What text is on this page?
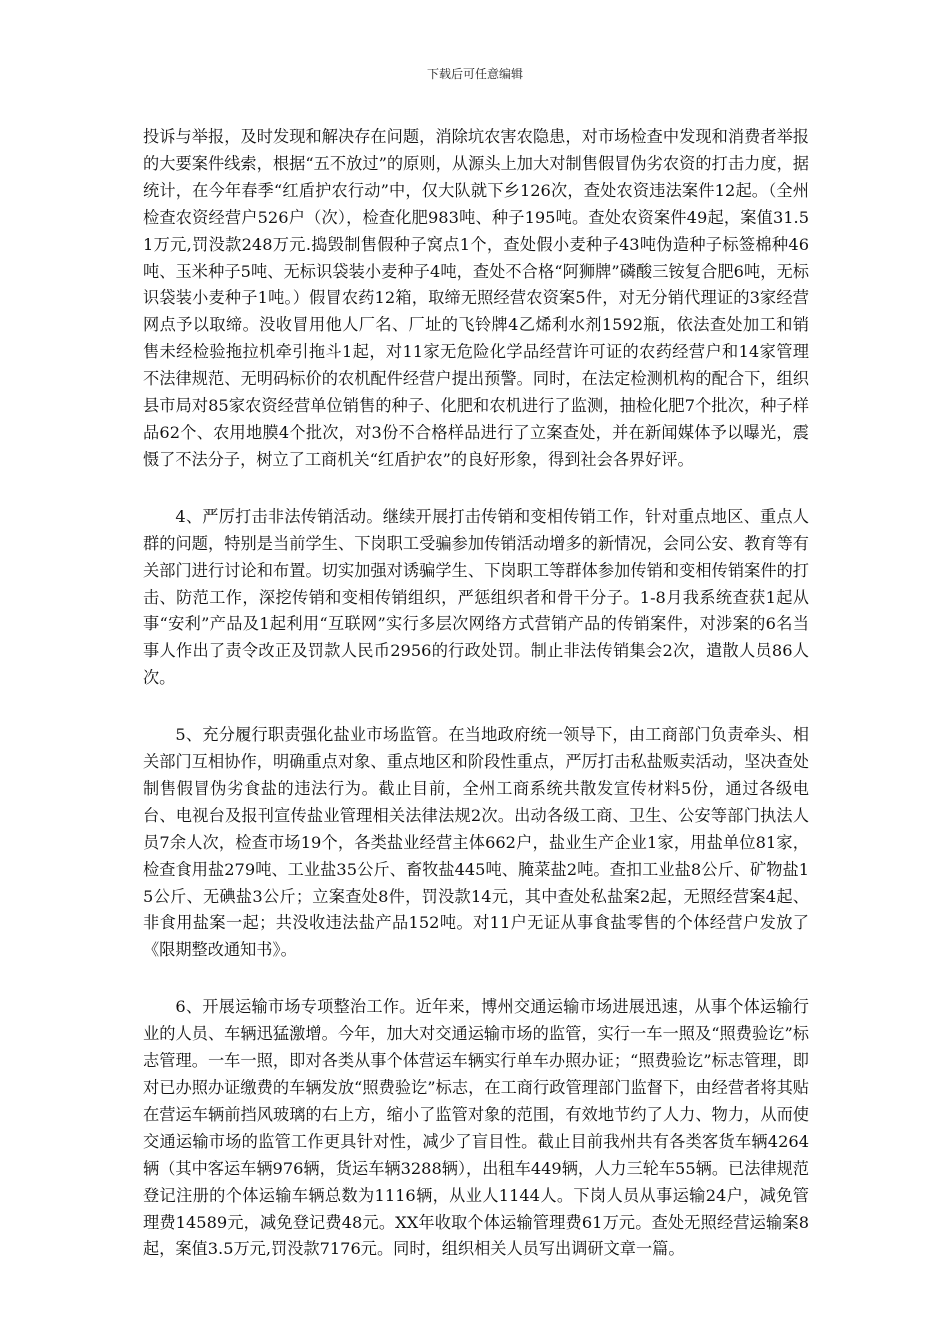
下载后可任意编辑

投诉与举报，及时发现和解决存在问题，消除坑农害农隐患，对市场检查中发现和消费者举报的大要案件线索，根据“五不放过”的原则，从源头上加大对制售假冒伪劣农资的打击力度，据统计，在今年春季“红盾护农行动”中，仅大队就下乡126次，查处农资违法案件12起。（全州检查农资经营户526户（次），检查化肥983吨、种子195吨。查处农资案件49起，案值31.51万元,罚没款248万元.捣毁制售假种子窝点1个，查处假小麦种子43吨伪造种子标签棉种46吨、玉米种子5吨、无标识袋装小麦种子4吨，查处不合格“阿狮牌”磷酸三铵复合肥6吨，无标识袋装小麦种子1吨。）假冒农药12箱，取缔无照经营农资案5件，对无分销代理证的3家经营网点予以取缔。没收冒用他人厂名、厂址的飞铃牌4乙烯利水剂1592瓶，依法查处加工和销售未经检验拖拉机牵引拖斗1起，对11家无危险化学品经营许可证的农药经营户和14家管理不法律规范、无明码标价的农机配件经营户提出预警。同时，在法定检测机构的配合下，组织县市局对85家农资经营单位销售的种子、化肥和农机进行了监测，抽检化肥7个批次，种子样品62个、农用地膜4个批次，对3份不合格样品进行了立案查处，并在新闻媒体予以曝光，震慑了不法分子，树立了工商机关“红盾护农”的良好形象，得到社会各界好评。

4、严厉打击非法传销活动。继续开展打击传销和变相传销工作，针对重点地区、重点人群的问题，特别是当前学生、下岗职工受骗参加传销活动增多的新情况，会同公安、教育等有关部门进行讨论和布置。切实加强对诱骗学生、下岗职工等群体参加传销和变相传销案件的打击、防范工作，深挖传销和变相传销组织，严惩组织者和骨干分子。1-8月我系统查获1起从事“安利”产品及1起利用“互联网”实行多层次网络方式营销产品的传销案件，对涉案的6名当事人作出了责令改正及罚款人民币2956的行政处罚。制止非法传销集会2次，遣散人员86人次。

5、充分履行职责强化盐业市场监管。在当地政府统一领导下，由工商部门负责牵头、相关部门互相协作，明确重点对象、重点地区和阶段性重点，严厉打击私盐贩卖活动，坚决查处制售假冒伪劣食盐的违法行为。截止目前，全州工商系统共散发宣传材料5份，通过各级电台、电视台及报刊宣传盐业管理相关法律法规2次。出动各级工商、卫生、公安等部门执法人员7余人次，检查市场19个，各类盐业经营主体662户，盐业生产企业1家，用盐单位81家，检查食用盐279吨、工业盐35公斤、畜牧盐445吨、腌菜盐2吨。查扣工业盐8公斤、矿物盐15公斤、无碘盐3公斤；立案查处8件，罚没款14元，其中查处私盐案2起，无照经营案4起、非食用盐案一起；共没收违法盐产品152吨。对11户无证从事食盐零售的个体经营户发放了《限期整改通知书》。

6、开展运输市场专项整治工作。近年来，博州交通运输市场进展迅速，从事个体运输行业的人员、车辆迅猛激增。今年，加大对交通运输市场的监管，实行一车一照及“照费验讫”标志管理。一车一照，即对各类从事个体营运车辆实行单车办照办证；“照费验讫”标志管理，即对已办照办证缴费的车辆发放“照费验讫”标志，在工商行政管理部门监督下，由经营者将其贴在营运车辆前挡风玻璃的右上方，缩小了监管对象的范围，有效地节约了人力、物力，从而使交通运输市场的监管工作更具针对性，减少了盲目性。截止目前我州共有各类客货车辆4264辆（其中客运车辆976辆，货运车辆3288辆），出租车449辆，人力三轮车55辆。已法律规范登记注册的个体运输车辆总数为1116辆，从业人1144人。下岗人员从事运输24户，减免管理费14589元，减免登记费48元。XX年收取个体运输管理费61万元。查处无照经营运输案8起，案值3.5万元,罚没款7176元。同时，组织相关人员写出调研文章一篇。
